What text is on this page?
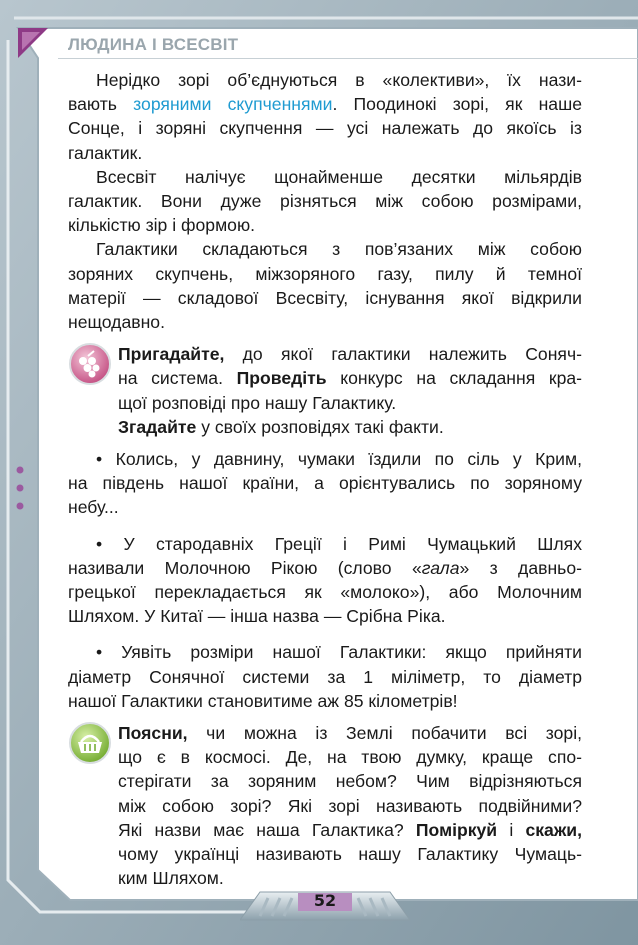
ЛЮДИНА І ВСЕСВІТ

Нерідко зорі об’єднуються в «колективи», їх нази-

вають зоряними скупченнями. Поодинокі зорі, як наше

Сонце, і зоряні скупчення — усі належать до якоїсь із

галактик.

Всесвіт налічує щонайменше десятки мільярдів

галактик. Вони дуже різняться між собою розмірами,

кількістю зір і формою.

Галактики складаються з пов’язаних між собою

зоряних скупчень, міжзоряного газу, пилу й темної

матерії — складової Всесвіту, існування якої відкрили

нещодавно.

Пригадайте, до якої галактики належить Соняч-

на система. Проведіть конкурс на складання кра-

щої розповіді про нашу Галактику.

Згадайте у своїх розповідях такі факти.

• Колись, у давнину, чумаки їздили по сіль у Крим,

на південь нашої країни, а орієнтувались по зоряному

небу...

• У стародавніх Греції і Римі Чумацький Шлях

називали Молочною Рікою (слово «гала» з давньо-

грецької перекладається як «молоко»), або Молочним

Шляхом. У Китаї — інша назва — Срібна Ріка.

• Уявіть розміри нашої Галактики: якщо прийняти

діаметр Сонячної системи за 1 міліметр, то діаметр

нашої Галактики становитиме аж 85 кілометрів!

Поясни, чи можна із Землі побачити всі зорі,

що є в космосі. Де, на твою думку, краще спо-

стерігати за зоряним небом? Чим відрізняються

між собою зорі? Які зорі називають подвійними?

Які назви має наша Галактика? Поміркуй і скажи,

чому українці називають нашу Галактику Чумаць-

ким Шляхом.

52
